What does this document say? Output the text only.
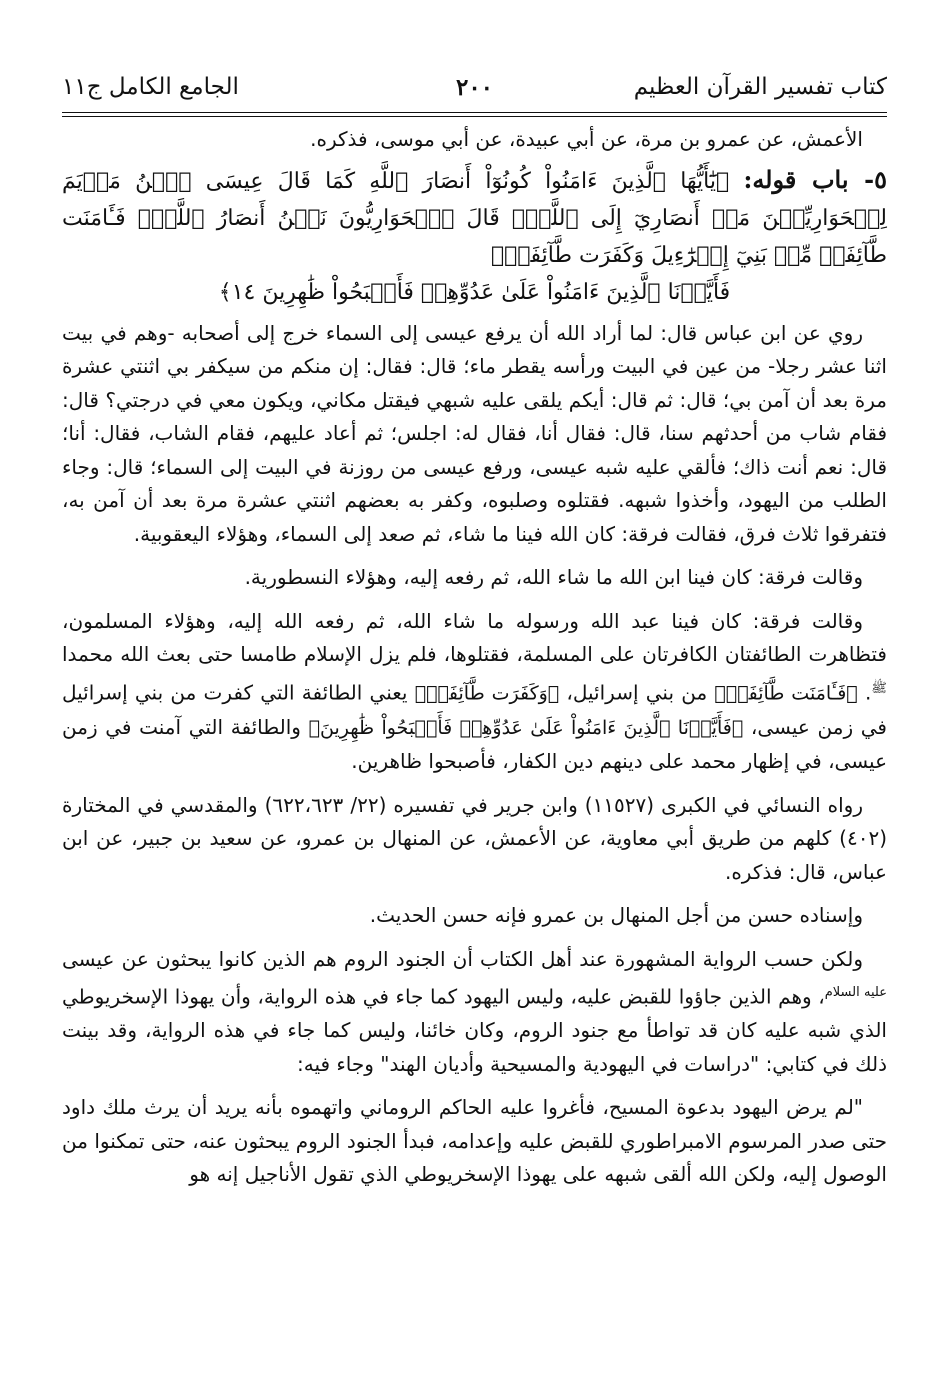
كتاب تفسير القرآن العظيم
٢٠٠
الجامع الكامل ج١١

الأعمش، عن عمرو بن مرة، عن أبي عبيدة، عن أبي موسى، فذكره.

٥- باب قوله: ﴿يَٰٓأَيُّهَا ٱلَّذِينَ ءَامَنُواْ كُونُوٓاْ أَنصَارَ ٱللَّهِ كَمَا قَالَ عِيسَى ٱبۡنُ مَرۡيَمَ لِلۡحَوَارِيِّـۧنَ مَنۡ أَنصَارِيٓ إِلَى ٱللَّهِۖ قَالَ ٱلۡحَوَارِيُّونَ نَحۡنُ أَنصَارُ ٱللَّهِۖ فَـَٔامَنَت طَّآئِفَةٞ مِّنۢ بَنِيٓ إِسۡرَٰٓءِيلَ وَكَفَرَت طَّآئِفَةٞۖ
فَأَيَّدۡنَا ٱلَّذِينَ ءَامَنُواْ عَلَىٰ عَدُوِّهِمۡ فَأَصۡبَحُواْ ظَٰهِرِينَ ١٤﴾

روي عن ابن عباس قال: لما أراد الله أن يرفع عيسى إلى السماء خرج إلى أصحابه -وهم في بيت اثنا عشر رجلا- من عين في البيت ورأسه يقطر ماء؛ قال: فقال: إن منكم من سيكفر بي اثنتي عشرة مرة بعد أن آمن بي؛ قال: ثم قال: أيكم يلقى عليه شبهي فيقتل مكاني، ويكون معي في درجتي؟ قال: فقام شاب من أحدثهم سنا، قال: فقال أنا، فقال له: اجلس؛ ثم أعاد عليهم، فقام الشاب، فقال: أنا؛ قال: نعم أنت ذاك؛ فألقي عليه شبه عيسى، ورفع عيسى من روزنة في البيت إلى السماء؛ قال: وجاء الطلب من اليهود، وأخذوا شبهه. فقتلوه وصلبوه، وكفر به بعضهم اثنتي عشرة مرة بعد أن آمن به، فتفرقوا ثلاث فرق، فقالت فرقة: كان الله فينا ما شاء، ثم صعد إلى السماء، وهؤلاء اليعقوبية.

وقالت فرقة: كان فينا ابن الله ما شاء الله، ثم رفعه إليه، وهؤلاء النسطورية.

وقالت فرقة: كان فينا عبد الله ورسوله ما شاء الله، ثم رفعه الله إليه، وهؤلاء المسلمون، فتظاهرت الطائفتان الكافرتان على المسلمة، فقتلوها، فلم يزل الإسلام طامسا حتى بعث الله محمدا $^ﷺ$. ﴿فَـَٔامَنَت طَّآئِفَةٞ﴾ من بني إسرائيل، ﴿وَكَفَرَت طَّآئِفَةٞ﴾ يعني الطائفة التي كفرت من بني إسرائيل في زمن عيسى، ﴿فَأَيَّدۡنَا ٱلَّذِينَ ءَامَنُواْ عَلَىٰ عَدُوِّهِمۡ فَأَصۡبَحُواْ ظَٰهِرِينَ﴾ والطائفة التي آمنت في زمن عيسى، في إظهار محمد على دينهم دين الكفار، فأصبحوا ظاهرين.

رواه النسائي في الكبرى (١١٥٢٧) وابن جرير في تفسيره (٢٢/ ٦٢٢،٦٢٣) والمقدسي في المختارة (٤٠٢) كلهم من طريق أبي معاوية، عن الأعمش، عن المنهال بن عمرو، عن سعيد بن جبير، عن ابن عباس، قال: فذكره.

وإسناده حسن من أجل المنهال بن عمرو فإنه حسن الحديث.

ولكن حسب الرواية المشهورة عند أهل الكتاب أن الجنود الروم هم الذين كانوا يبحثون عن عيسى $^{عليه السلام}$، وهم الذين جاؤوا للقبض عليه، وليس اليهود كما جاء في هذه الرواية، وأن يهوذا الإسخريوطي الذي شبه عليه كان قد تواطأ مع جنود الروم، وكان خائنا، وليس كما جاء في هذه الرواية، وقد بينت ذلك في كتابي: "دراسات في اليهودية والمسيحية وأديان الهند" وجاء فيه:

"لم يرض اليهود بدعوة المسيح، فأغروا عليه الحاكم الروماني واتهموه بأنه يريد أن يرث ملك داود حتى صدر المرسوم الامبراطوري للقبض عليه وإعدامه، فبدأ الجنود الروم يبحثون عنه، حتى تمكنوا من الوصول إليه، ولكن الله ألقى شبهه على يهوذا الإسخريوطي الذي تقول الأناجيل إنه هو
